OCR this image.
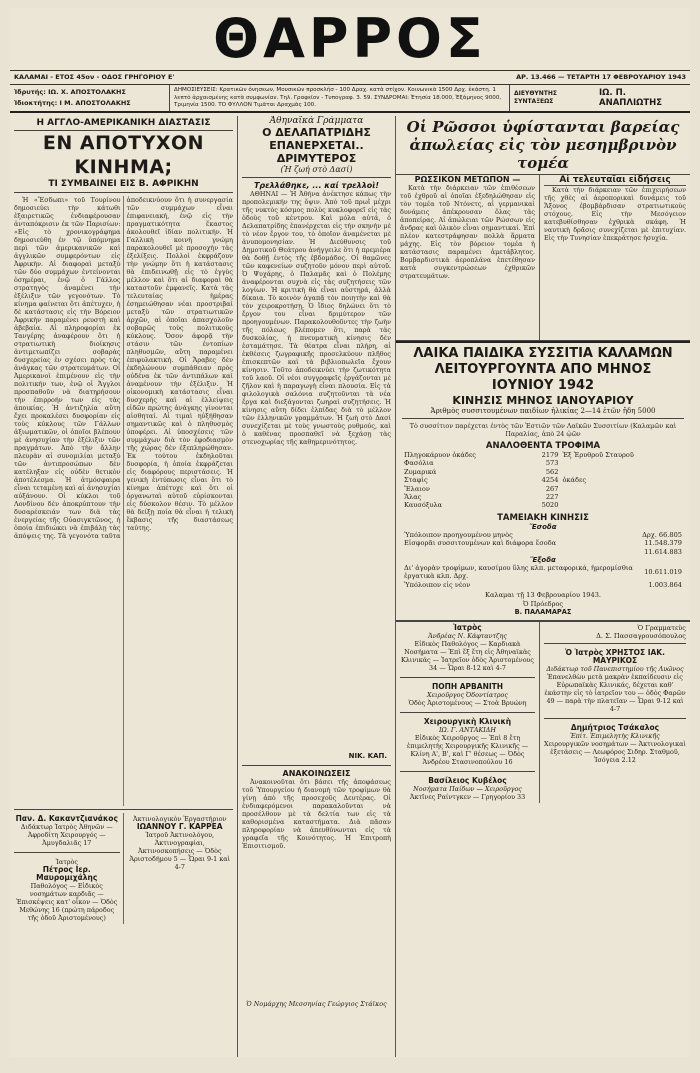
ΘΑΡΡΟΣ
ΚΑΛΑΜΑΙ - ΕΤΟΣ 45ον - ΟΔΟΣ ΓΡΗΓΟΡΙΟΥ Ε'	ΑΡ. 13.466 — ΤΕΤΑΡΤΗ 17 ΦΕΒΡΟΥΑΡΙΟΥ 1943
Ἰδρυτής: ΙΩ. Χ. ΑΠΟΣΤΟΛΑΚΗΣ
Ἰδιοκτήτης: Ι Μ. ΑΠΟΣΤΟΛΑΚΗΣ
ΔΗΜΟΣΙΕΥΣΕΙΣ: Κρατικῶν ὀνησεων, Μουσικῶν προσκλήσ - 100 Δραχ. κατὰ στίχον. Κοινωνικὰ 1500 Δρχ. ἐκάστη. 1 λεπτὸ ἀρχαισμένης κατὰ συμφωνίαν. Τηλ. Γραφεῖον - Τυπογραφ. 3. 59. ΣΥΝΔΡΟΜΑΙ: Ἐτησία 18.000, Ἑξάμηνος 9000, Τριμηνία 1500. ΤΟ ΦΥΛΛΟΝ Τιμᾶται Δραχμὰς 100.
ΔΙΕΥΘΥΝΤΗΣ ΣΥΝΤΑΞΕΩΣ
ΙΩ. Π. ΑΝΑΠΛΙΩΤΗΣ
Η ΑΓΓΛΟ-ΑΜΕΡΙΚΑΝΙΚΗ ΔΙΑΣΤΑΣΙΣ
ΕΝ ΑΠΟΤΥΧΟΝ ΚΙΝΗΜΑ;
ΤΙ ΣΥΜΒΑΙΝΕΙ ΕΙΣ Β. ΑΦΡΙΚΗΝ
Ἡ «Ἔσδωπι» τοῦ Τουρίνου δημοσιεύει τὴν κάτωθι ἐξαιρετικῶς ἐνδιαφέρουσαν ἀνταπόκρισιν ἐκ τῶν Παρισίων: «Εἰς τὸ χρονικογράφημα δημοσιεύθη ἐν τῷ ὑπόμνημα περὶ τῶν ἀμερικανικῶν καὶ ἀγγλικῶν συμφερόντων εἰς Ἀφρικὴν. Αἱ διαφοραὶ μεταξὺ τῶν δύο συμμάχων ἐντείνονται ὁσημέραι, ἐνῷ ὁ Γάλλος στρατηγὸς ἀναμένει τὴν ἐξέλιξιν τῶν γεγονότων. Τὸ κίνημα φαίνεται ὅτι ἀπέτυχεν, ἡ δὲ κατάστασις εἰς τὴν Βόρειον Ἀφρικὴν παραμένει ρευστὴ καὶ ἀβεβαία. Αἱ πληροφορίαι ἐκ Τανγέρης ἀναφέρουν ὅτι ἡ στρατιωτικὴ διοίκησις ἀντιμετωπίζει σοβαρὰς δυσχερείας ἐν σχέσει πρὸς τὰς ἀνάγκας τῶν στρατευμάτων. Οἱ Ἀμερικανοὶ ἐπιμένουν εἰς τὴν πολιτικήν των, ἐνῷ οἱ Ἄγγλοι προσπαθοῦν νὰ διατηρήσουν τὴν ἐπιρροήν των εἰς τὰς ἀποικίας. Ἡ ἀντιζηλία αὕτη ἔχει προκαλέσει δυσφορίαν εἰς τοὺς κύκλους τῶν Γάλλων ἀξιωματικῶν, οἱ ὁποῖοι βλέπουν μὲ ἀνησυχίαν τὴν ἐξέλιξιν τῶν πραγμάτων. Ἀπὸ τὴν ἄλλην πλευρὰν αἱ συνομιλίαι μεταξὺ τῶν ἀντιπροσώπων δὲν κατέληξαν εἰς οὐδὲν θετικὸν ἀποτέλεσμα. Ἡ ἀτμόσφαιρα εἶναι τεταμένη καὶ αἱ ἀνησυχίαι αὐξάνουν. Οἱ κύκλοι τοῦ Λονδίνου δὲν ἀποκρύπτουν τὴν δυσαρέσκειάν των διὰ τὰς ἐνεργείας τῆς Οὐασιγκτῶνος, ἡ ὁποία ἐπιδιώκει νὰ ἐπιβάλῃ τὰς ἀπόψεις της. Τὰ γεγονότα ταῦτα ἀποδεικνύουν ὅτι ἡ συνεργασία τῶν συμμάχων εἶναι ἐπιφανειακή, ἐνῷ εἰς τὴν πραγματικότητα ἕκαστος ἀκολουθεῖ ἰδίαν πολιτικήν. Ἡ Γαλλικὴ κοινὴ γνώμη παρακολουθεῖ μὲ προσοχὴν τὰς ἐξελίξεις. Πολλοὶ ἐκφράζουν τὴν γνώμην ὅτι ἡ κατάστασις θὰ ἐπιδεινωθῇ εἰς τὸ ἐγγὺς μέλλον καὶ ὅτι αἱ διαφοραὶ θὰ καταστοῦν ἐμφανεῖς. Κατὰ τὰς τελευταίας ἡμέρας ἐσημειώθησαν νέαι προστριβαὶ μεταξὺ τῶν στρατιωτικῶν ἀρχῶν, αἱ ὁποῖαι ἀπασχολοῦν σοβαρῶς τοὺς πολιτικοὺς κύκλους. Ὅσον ἀφορᾷ τὴν στάσιν τῶν ἐντοπίων πληθυσμῶν, αὕτη παραμένει ἐπιφυλακτική. Οἱ Ἄραβες δὲν ἐκδηλώνουν συμπάθειαν πρὸς οὐδένα ἐκ τῶν ἀντιπάλων καὶ ἀναμένουν τὴν ἐξέλιξιν. Ἡ οἰκονομικὴ κατάστασις εἶναι δυσχερὴς καὶ αἱ ἐλλείψεις εἰδῶν πρώτης ἀνάγκης γίνονται αἰσθηταί. Αἱ τιμαὶ ηὐξήθησαν σημαντικῶς καὶ ὁ πληθυσμὸς ὑποφέρει. Αἱ ὑποσχέσεις τῶν συμμάχων διὰ τὸν ἐφοδιασμὸν τῆς χώρας δὲν ἐξεπληρώθησαν. Ἐκ τούτου ἐκδηλοῦται δυσφορία, ἡ ὁποία ἐκφράζεται εἰς διαφόρους περιστάσεις. Ἡ γενικὴ ἐντύπωσις εἶναι ὅτι τὸ κίνημα ἀπέτυχε καὶ ὅτι οἱ ὀργανωταὶ αὐτοῦ εὑρίσκονται εἰς δύσκολον θέσιν. Τὸ μέλλον θὰ δείξῃ ποία θὰ εἶναι ἡ τελικὴ ἔκβασις τῆς διαστάσεως ταύτης.
Παν. Δ. Κακαντζιανάκος
Διδάκτωρ Ἰατρὸς Ἀθηνῶν — Ἀφροδίτη Χειρουργός — Ἀμυγδαλιᾶς 17
Ἰατρὸς
Πέτρος Ιερ. Μαυρομιχάλης
Παθολόγος — Εἰδικὸς νοσημάτων καρδιᾶς — Ἐπισκέψεις κατ' οἶκον — Ὁδὸς Μεθώνης 16 (πρώτη πάροδος τῆς ὁδοῦ Ἀριστομένους)
Ἀκτινολογικὸν Ἐργαστήριον
ΙΩΑΝΝΟΥ Γ. ΚΑΡΡΕΑ
Ἰατροῦ Ἀκτινολόγου, Ἀκτινογραφίαι, Ἀκτινοσκοπήσεις — Ὁδὸς Ἀριστοδήμου 5 — Ὧραι 9-1 καὶ 4-7
Ἀθηναϊκὰ Γράμματα
Ο ΔΕΛΑΠΑΤΡΙΔΗΣ ΕΠΑΝΕΡΧΕΤΑΙ.. ΔΡΙΜΥΤΕΡΟΣ
(Ἡ ζωή στὸ Δασί)
Τρελλάθηκε, ... καί τρελλοὶ!
ΑΘΗΝΑΙ — Ἡ Ἀθήνα ἀνέκτησε κάπως τὴν προπολεμικήν της ὄψιν. Ἀπὸ τοῦ πρωῒ μέχρι τῆς νυκτὸς κόσμος πολὺς κυκλοφορεῖ εἰς τὰς ὁδοὺς τοῦ κέντρου. Καὶ μόλα αὐτά, ὁ Δελαπατρίδης ἐπανέρχεται εἰς τὴν σκηνὴν μὲ τὸ νέον ἔργον του, τὸ ὁποῖον ἀναμένεται μὲ ἀνυπομονησίαν. Ἡ Διεύθυνσις τοῦ Δημοτικοῦ Θεάτρου ἀνήγγειλε ὅτι ἡ πρεμιέρα θὰ δοθῇ ἐντὸς τῆς ἑβδομάδος. Οἱ θαμῶνες τῶν καφενείων συζητοῦν μόνον περὶ αὐτοῦ. Ὁ Ψυχάρης, ὁ Παλαμᾶς καὶ ὁ Πολέμης ἀναφέρονται συχνὰ εἰς τὰς συζητήσεις τῶν λογίων. Ἡ κριτικὴ θὰ εἶναι αὐστηρά, ἀλλὰ δίκαια. Τὸ κοινὸν ἀγαπᾷ τὸν ποιητὴν καὶ θὰ τὸν χειροκροτήσῃ. Ὁ ἴδιος δηλώνει ὅτι τὸ ἔργον του εἶναι δριμύτερον τῶν προηγουμένων. Παρακολουθοῦντες τὴν ζωὴν τῆς πόλεως βλέπομεν ὅτι, παρὰ τὰς δυσκολίας, ἡ πνευματικὴ κίνησις δὲν ἐσταμάτησε. Τὰ θέατρα εἶναι πλήρη, αἱ ἐκθέσεις ζωγραφικῆς προσελκύουν πλῆθος ἐπισκεπτῶν καὶ τὰ βιβλιοπωλεῖα ἔχουν κίνησιν. Τοῦτο ἀποδεικνύει τὴν ζωτικότητα τοῦ λαοῦ. Οἱ νέοι συγγραφεῖς ἐργάζονται μὲ ζῆλον καὶ ἡ παραγωγὴ εἶναι πλουσία. Εἰς τὰ φιλολογικὰ σαλόνια συζητοῦνται τὰ νέα ἔργα καὶ διεξάγονται ζωηραὶ συζητήσεις. Ἡ κίνησις αὕτη δίδει ἐλπίδας διὰ τὸ μέλλον τῶν ἑλληνικῶν γραμμάτων. Ἡ ζωὴ στὸ Δασί συνεχίζεται μὲ τοὺς γνωστοὺς ρυθμούς, καὶ ὁ καθένας προσπαθεῖ νὰ ξεχάσῃ τὰς στενοχωρίας τῆς καθημερινότητος.
ΝΙΚ. ΚΑΠ.
ΑΝΑΚΟΙΝΩΣΕΙΣ
Ἀνακοινοῦται ὅτι βάσει τῆς ἀποφάσεως τοῦ Ὑπουργείου ἡ διανομὴ τῶν τροφίμων θὰ γίνῃ ἀπὸ τῆς προσεχοῦς Δευτέρας. Οἱ ἐνδιαφερόμενοι παρακαλοῦνται νὰ προσέλθουν μὲ τὰ δελτία των εἰς τὰ καθορισμένα καταστήματα. Διὰ πᾶσαν πληροφορίαν νὰ ἀπευθύνωνται εἰς τὰ γραφεῖα τῆς Κοινότητος. Ἡ Ἐπιτροπὴ Ἐπισιτισμοῦ.
Ὁ Νομάρχης Μεσσηνίας Γεώργιος Στάϊκος
Οἱ Ρῶσσοι ὑφίστανται βαρείας ἀπωλείας εἰς τὸν μεσημβρινὸν τομέα
ΡΩΣΣΙΚΟΝ ΜΕΤΩΠΟΝ —
Κατὰ τὴν διάρκειαν τῶν ἐπιθέσεων τοῦ ἐχθροῦ αἱ ὁποῖαι ἐξεδηλώθησαν εἰς τὸν τομέα τοῦ Ντόνετς, αἱ γερμανικαὶ δυνάμεις ἀπέκρουσαν ὅλας τὰς ἀποπείρας. Αἱ ἀπώλειαι τῶν Ρώσσων εἰς ἄνδρας καὶ ὑλικὸν εἶναι σημαντικαί. Ἐπὶ πλέον κατεστράφησαν πολλὰ ἅρματα μάχης. Εἰς τὸν βόρειον τομέα ἡ κατάστασις παραμένει ἀμετάβλητος. Βομβαρδιστικὰ ἀεροπλάνα ἐπετέθησαν κατὰ συγκεντρώσεων ἐχθρικῶν στρατευμάτων.
Αἱ τελευταῖαι εἰδήσεις
Κατὰ τὴν διάρκειαν τῶν ἐπιχειρήσεων τῆς χθὲς αἱ ἀεροπορικαὶ δυνάμεις τοῦ Ἄξονος ἐβομβάρδισαν στρατιωτικοὺς στόχους. Εἰς τὴν Μεσόγειον κατεβυθίσθησαν ἐχθρικὰ σκάφη. Ἡ ναυτικὴ δρᾶσις συνεχίζεται μὲ ἐπιτυχίαν. Εἰς τὴν Τυνησίαν ἐπεκράτησε ἡσυχία.
ΛΑΙΚΑ ΠΑΙΔΙΚΑ ΣΥΣΣΙΤΙΑ ΚΑΛΑΜΩΝ ΛΕΙΤΟΥΡΓΟΥΝΤΑ ΑΠΟ ΜΗΝΟΣ ΙΟΥΝΙΟΥ 1942
ΚΙΝΗΣΙΣ ΜΗΝΟΣ ΙΑΝΟΥΑΡΙΟΥ
Ἀριθμὸς συσσιτουμένων παιδίων ἡλικίας 2—14 ἐτῶν ἤδη 5000
Τὸ συσσίτιον παρέχεται ἐντὸς τῶν Ἑστιῶν τῶν Λαϊκῶν Συσσιτίων (Καλαμῶν καὶ Παραλίας, ἀπὸ 24 ᾠῶν
ΑΝΑΛΟΘΕΝΤΑ ΤΡΟΦΙΜΑ
Πληγοκάρυον ὀκάδες	2179	Ἐξ Ἐρυθροῦ Σταυροῦ
Φασόλια	573	
Ζυμαρικά	562	
Σταφὶς	4254	ὀκάδες
Ἔλαιον	267	
Ἅλας	227	
Καυσόξυλα	5020	
ΤΑΜΕΙΑΚΗ ΚΙΝΗΣΙΣ
Ἔσοδα
Ὑπόλοιπον προηγουμένου μηνὸς	Δρχ. 66.805
Εἰσφορᾶι συσσιτουμένων καὶ διάφορα ἔσοδα	11.548.379
	11.614.883
Ἔξοδα
Δι' ἀγορὰν τροφίμων, καυσίμου ὕλης κλπ. μεταφορικά, ἡμερομίσθια ἐργατικὰ κλπ. Δρχ.	10.611.019
Ὑπόλοιπον εἰς νέον	1.003.864
Καλαμαι τῇ 13 Φεβρουαρίου 1943.
Ὁ Πρόεδρος
Β. ΠΑΛΑΜΑΡΑΣ
Ἰατρὸς
Ἀνδρέας Ν. Κάφταντζης
Εἰδικὸς Παθολόγος — Καρδιακὰ Νοσήματα — Ἐπὶ ἔξ ἔτη εἰς Ἀθηναϊκὰς Κλινικάς — Ἰατρεῖον ὁδὸς Ἀριστομένους 34 — Ὧραι 8-12 καὶ 4-7
ΠΟΠΗ ΑΡΒΑΝΙΤΗ
Χειροῦργος Ὀδοντίατρος
Ὁδὸς Ἀριστομένους — Στοὰ Βρυώνη
Χειρουργικὴ Κλινικὴ
ΙΩ. Γ. ΑΝΤΑΚΙΔΗ
Εἰδικὸς Χειροῦργος — Ἐπὶ 8 ἔτη ἐπιμελητὴς Χειρουργικῆς Κλινικῆς — Κλίνη Α', Β', καὶ Γ' θέσεως — Ὁδὸς Ἀνδρέου Στασινοπούλου 16
Βασίλειος Κυβέλος
Νοσήματα Παίδων — Χειροῦργος
Ἀκτῖνες Ραίντγκεν — Γρηγορίου 33
Ὁ Γραμματεὺς
Δ. Σ. Πασσαγρουσόπουλος
Ὁ Ἰατρὸς ΧΡΗΣΤΟΣ ΙΑΚ. ΜΑΥΡΙΚΟΣ
Διδάκτωρ τοῦ Πανεπιστημίου τῆς Λυῶνος
Ἐπανελθὼν μετὰ μακρὰν ἐκπαίδευσιν εἰς Εὐρωπαϊκὰς Κλινικάς, δέχεται καθ' ἑκάστην εἰς τὸ ἰατρεῖον του — ὁδὸς Φαρῶν 49 — παρὰ τὴν πλατεῖαν — Ὧραι 9-12 καὶ 4-7
Δημήτριος Τσάκαλος
Ἐπίτ. Ἐπιμελητὴς Κλινικῆς
Χειρουργικῶν νοσημάτων — Ἀκτινολογικαὶ ἐξετάσεις — Λεωφόρος Σιδηρ. Σταθμοῦ, Ἰσόγεια 2.12
